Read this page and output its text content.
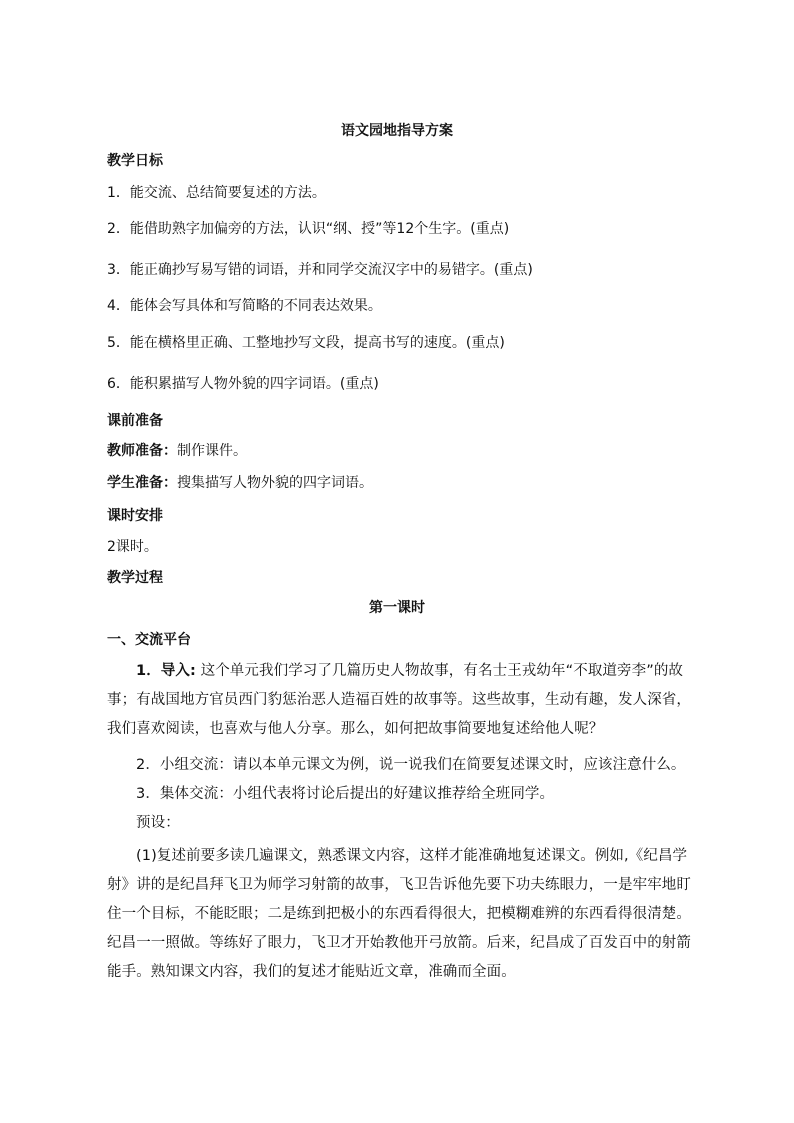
语文园地指导方案
教学日标
1．能交流、总结简要复述的方法。
2．能借助熟字加偏旁的方法，认识“纲、授”等12个生字。(重点)
3．能正确抄写易写错的词语，并和同学交流汉字中的易错字。(重点)
4．能体会写具体和写简略的不同表达效果。
5．能在横格里正确、工整地抄写文段，提高书写的速度。(重点)
6．能积累描写人物外貌的四字词语。(重点)
课前准备
教师准备：制作课件。
学生准备：搜集描写人物外貌的四字词语。
课时安排
2课时。
教学过程
第一课时
一、交流平台
1．导入: 这个单元我们学习了几篇历史人物故事，有名士王戎幼年“不取道旁李”的故
事；有战国地方官员西门豹惩治恶人造福百姓的故事等。这些故事，生动有趣，发人深省，
我们喜欢阅读，也喜欢与他人分享。那么，如何把故事简要地复述给他人呢？
2．小组交流：请以本单元课文为例，说一说我们在简要复述课文时，应该注意什么。
3．集体交流：小组代表将讨论后提出的好建议推荐给全班同学。
预设：
(1)复述前要多读几遍课文，熟悉课文内容，这样才能准确地复述课文。例如,《纪昌学
射》讲的是纪昌拜飞卫为师学习射箭的故事，飞卫告诉他先要下功夫练眼力，一是牢牢地盯
住一个目标，不能眨眼；二是练到把极小的东西看得很大，把模糊难辨的东西看得很清楚。
纪昌一一照做。等练好了眼力，飞卫才开始教他开弓放箭。后来，纪昌成了百发百中的射箭
能手。熟知课文内容，我们的复述才能贴近文章，准确而全面。
